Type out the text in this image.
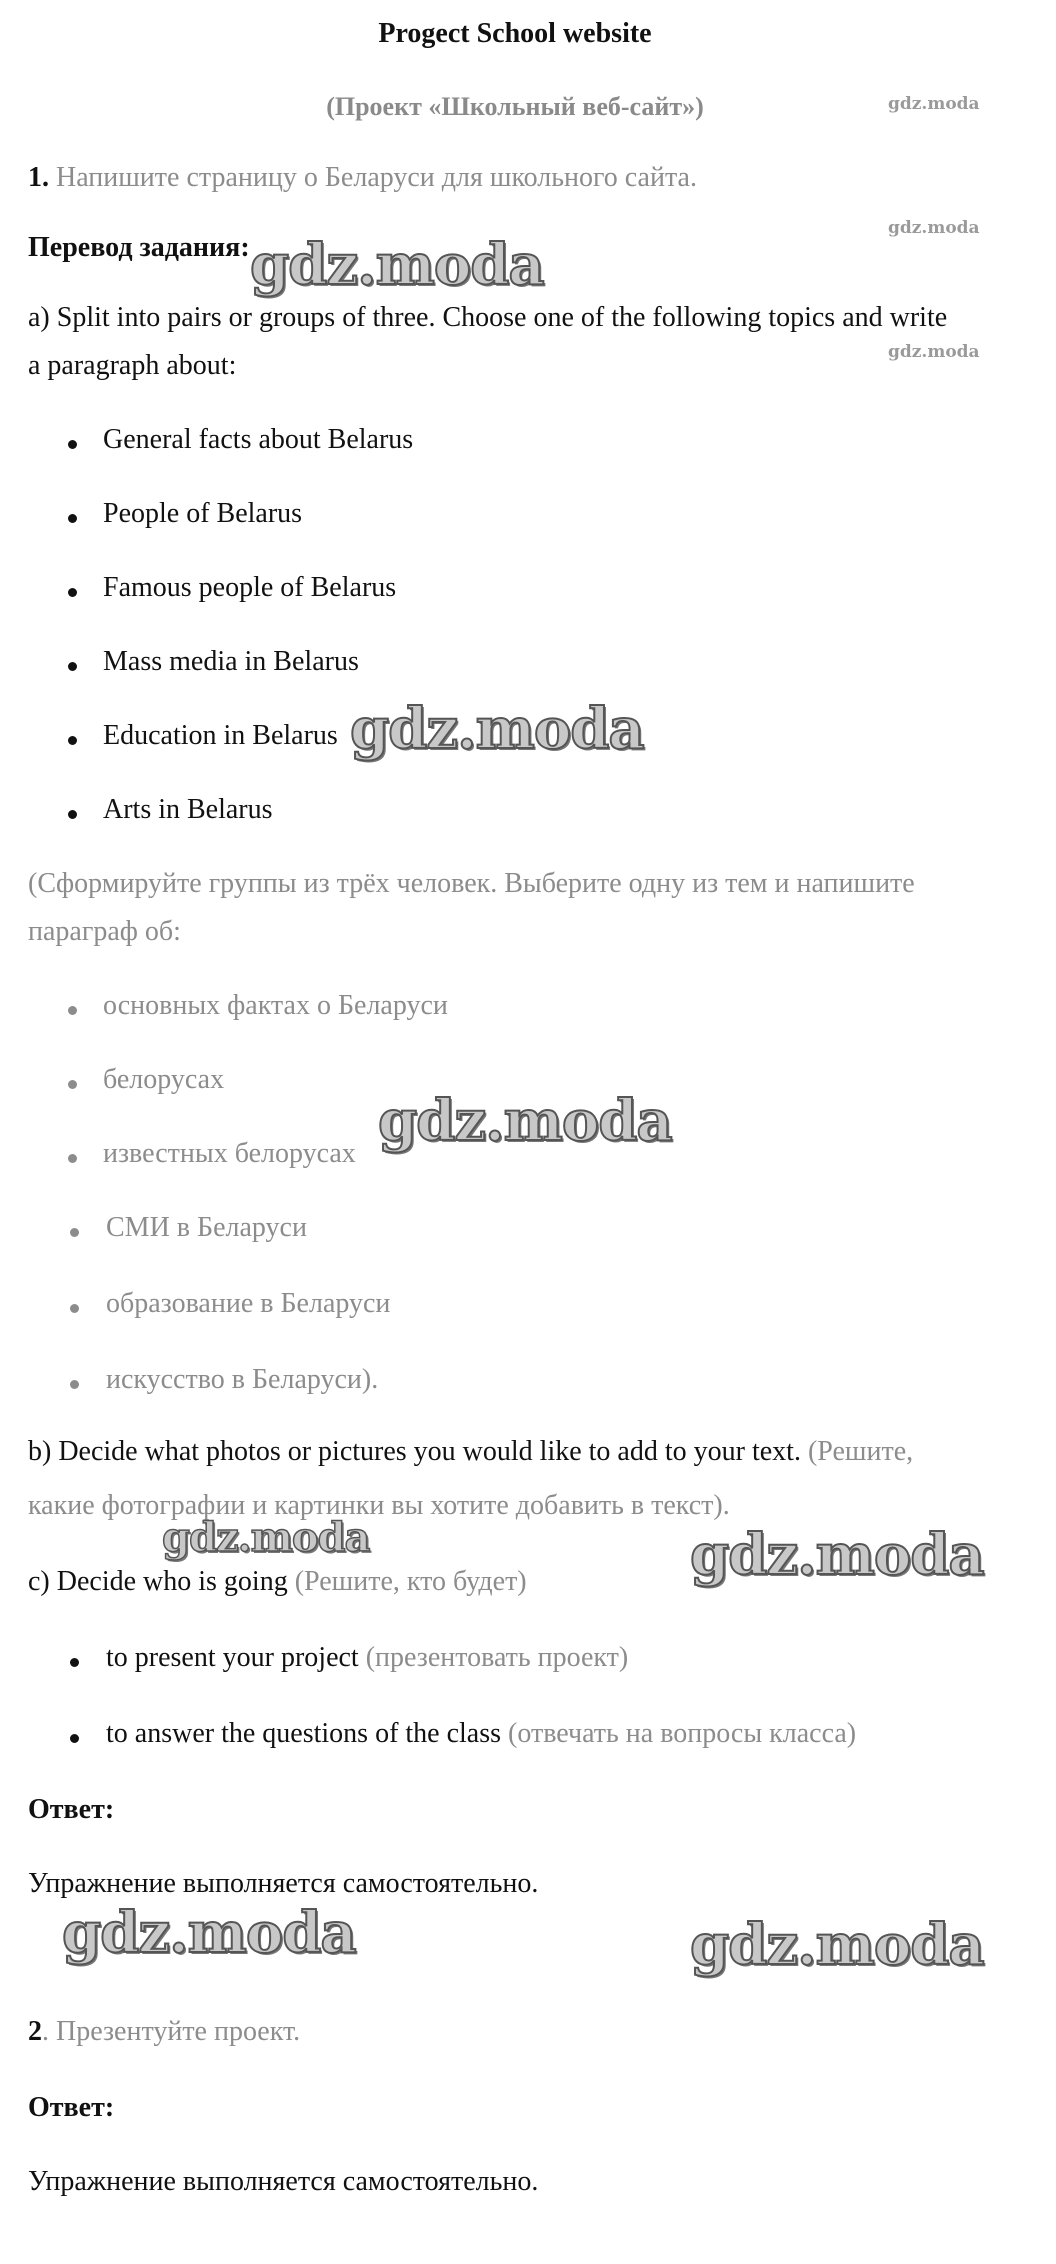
Progect School website
(Проект «Школьный веб-сайт»)	gdz.moda
gdz.moda
gdz.moda
1. Напишите страницу о Беларуси для школьного сайта.
Перевод задания: gdz.moda
a) Split into pairs or groups of three. Choose one of the following topics and write
a paragraph about:
General facts about Belarus
People of Belarus
Famous people of Belarus
Mass media in Belarus
Education in Belarus
Arts in Belarus
gdz.moda
(Сформируйте группы из трёх человек. Выберите одну из тем и напишите
параграф об:
основных фактах о Беларуси
белорусах
известных белорусах
СМИ в Беларуси
образование в Беларуси
искусство в Беларуси).
gdz.moda
b) Decide what photos or pictures you would like to add to your text. (Решите,
какие фотографии и картинки вы хотите добавить в текст).
gdz.moda	gdz.moda
c) Decide who is going (Решите, кто будет)
to present your project (презентовать проект)
to answer the questions of the class (отвечать на вопросы класса)
Ответ:
Упражнение выполняется самостоятельно.
gdz.moda	gdz.moda
2. Презентуйте проект.
Ответ:
Упражнение выполняется самостоятельно.
